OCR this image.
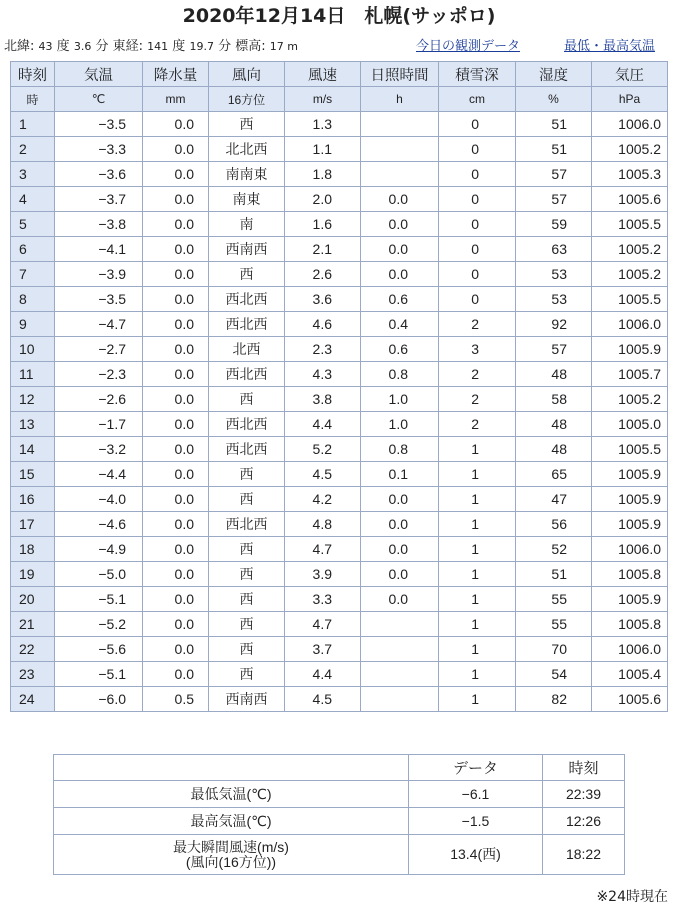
2020年12月14日　札幌(サッポロ)
北緯: 43 度 3.6 分 東経: 141 度 19.7 分 標高: 17 m	今日の観測データ	最低・最高気温
時刻	気温	降水量	風向	風速	日照時間	積雪深	湿度	気圧
時	℃	mm	16方位	m/s	h	cm	%	hPa
1	−3.5	0.0	西	1.3		0	51	1006.0
2	−3.3	0.0	北北西	1.1		0	51	1005.2
3	−3.6	0.0	南南東	1.8		0	57	1005.3
4	−3.7	0.0	南東	2.0	0.0	0	57	1005.6
5	−3.8	0.0	南	1.6	0.0	0	59	1005.5
6	−4.1	0.0	西南西	2.1	0.0	0	63	1005.2
7	−3.9	0.0	西	2.6	0.0	0	53	1005.2
8	−3.5	0.0	西北西	3.6	0.6	0	53	1005.5
9	−4.7	0.0	西北西	4.6	0.4	2	92	1006.0
10	−2.7	0.0	北西	2.3	0.6	3	57	1005.9
11	−2.3	0.0	西北西	4.3	0.8	2	48	1005.7
12	−2.6	0.0	西	3.8	1.0	2	58	1005.2
13	−1.7	0.0	西北西	4.4	1.0	2	48	1005.0
14	−3.2	0.0	西北西	5.2	0.8	1	48	1005.5
15	−4.4	0.0	西	4.5	0.1	1	65	1005.9
16	−4.0	0.0	西	4.2	0.0	1	47	1005.9
17	−4.6	0.0	西北西	4.8	0.0	1	56	1005.9
18	−4.9	0.0	西	4.7	0.0	1	52	1006.0
19	−5.0	0.0	西	3.9	0.0	1	51	1005.8
20	−5.1	0.0	西	3.3	0.0	1	55	1005.9
21	−5.2	0.0	西	4.7		1	55	1005.8
22	−5.6	0.0	西	3.7		1	70	1006.0
23	−5.1	0.0	西	4.4		1	54	1005.4
24	−6.0	0.5	西南西	4.5		1	82	1005.6
	データ	時刻
最低気温(℃)	−6.1	22:39
最高気温(℃)	−1.5	12:26

最大瞬間風速(m/s)
(風向(16方位))	13.4(西)	18:22
※24時現在
